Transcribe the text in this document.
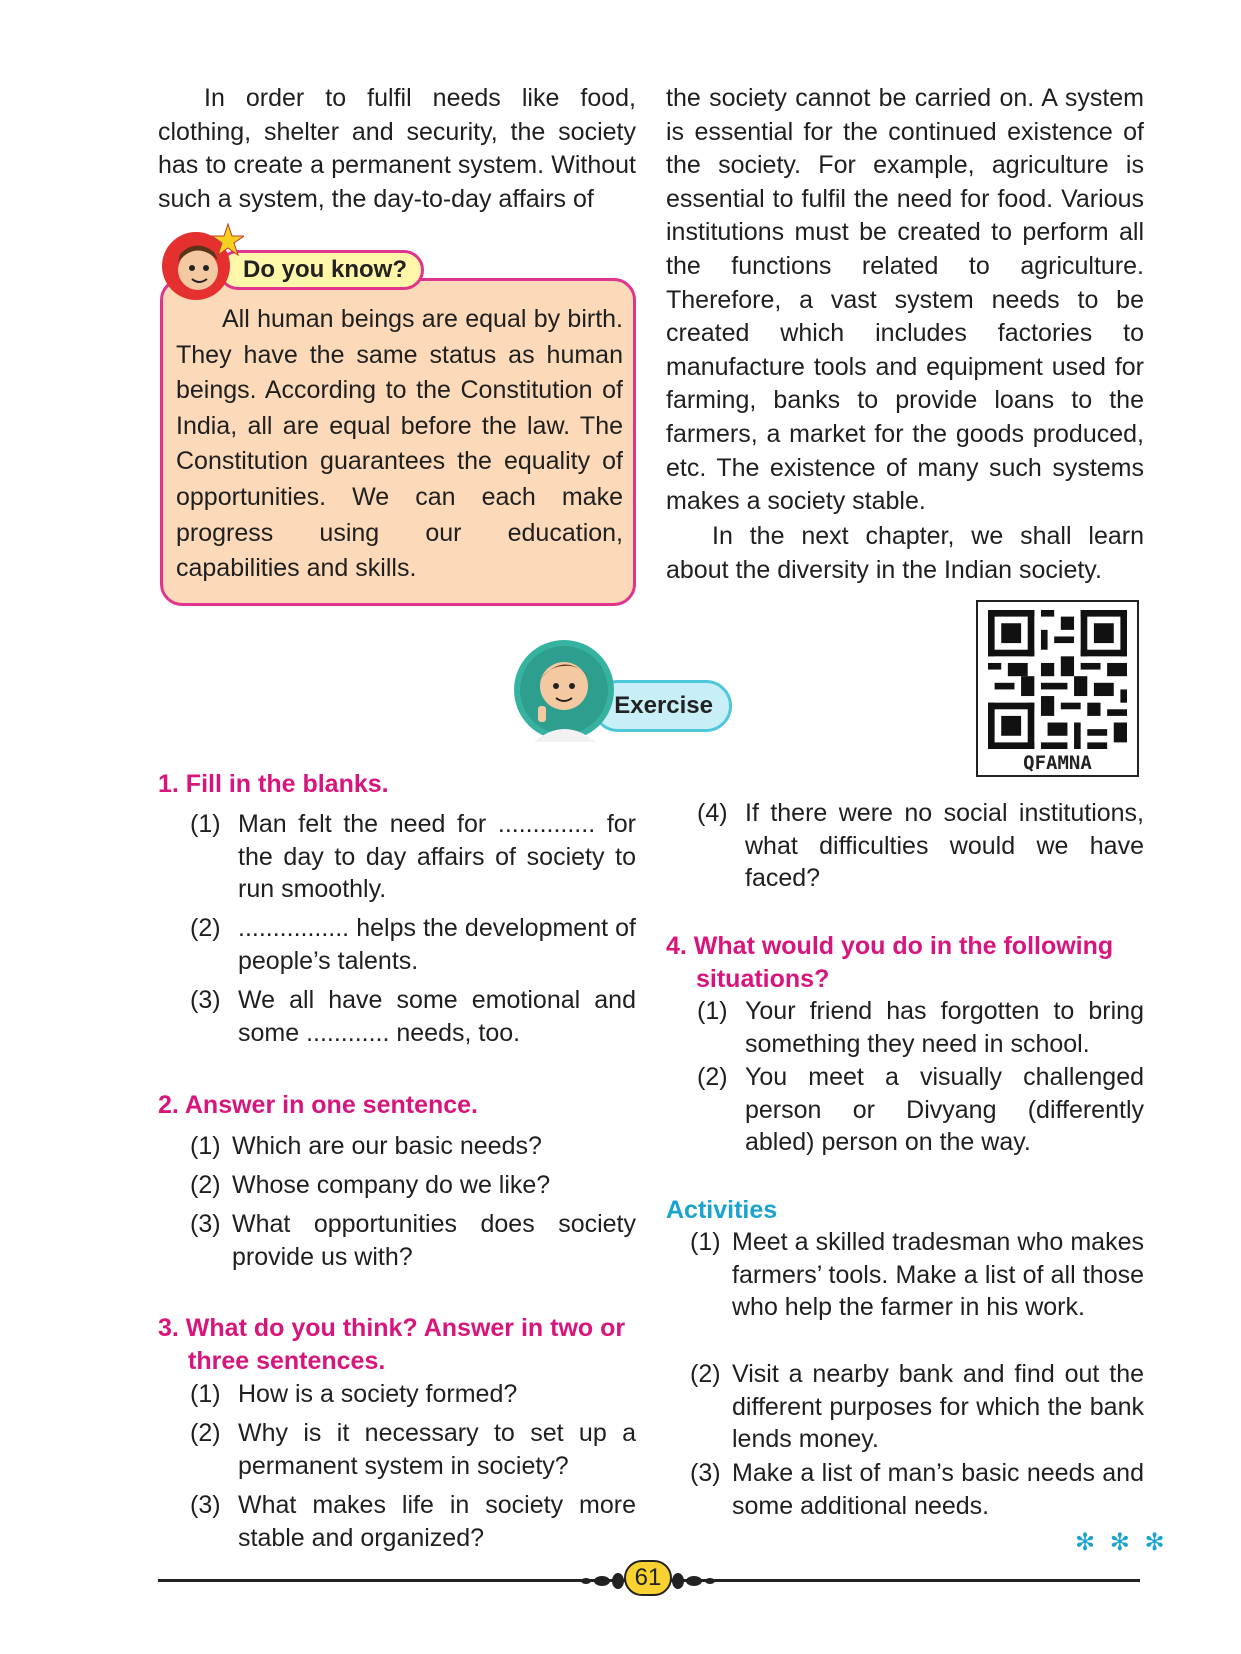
In order to fulfil needs like food, clothing, shelter and security, the society has to create a permanent system. Without such a system, the day-to-day affairs of

the society cannot be carried on. A system is essential for the continued existence of the society. For example, agriculture is essential to fulfil the need for food. Various institutions must be created to perform all the functions related to agriculture. Therefore, a vast system needs to be created which includes factories to manufacture tools and equipment used for farming, banks to provide loans to the farmers, a market for the goods produced, etc. The existence of many such systems makes a society stable.

In the next chapter, we shall learn about the diversity in the Indian society.

All human beings are equal by birth. They have the same status as human beings. According to the Constitution of India, all are equal before the law. The Constitution guarantees the equality of opportunities. We can each make progress using our education, capabilities and skills.

Do you know?
Exercise
QFAMNA
1. Fill in the blanks.
(1) Man felt the need for .............. for the day to day affairs of society to run smoothly.
(2) ................ helps the development of people’s talents.
(3) We all have some emotional and some ............ needs, too.
2. Answer in one sentence.
(1) Which are our basic needs?
(2) Whose company do we like?
(3) What opportunities does society provide us with?
3. What do you think? Answer in two or
three sentences.
(1) How is a society formed?
(2) Why is it necessary to set up a permanent system in society?
(3) What makes life in society more stable and organized?
(4) If there were no social institutions, what difficulties would we have faced?
4. What would you do in the following
situations?
(1) Your friend has forgotten to bring something they need in school.
(2) You meet a visually challenged person or Divyang (differently abled) person on the way.
Activities
(1) Meet a skilled tradesman who makes farmers’ tools. Make a list of all those who help the farmer in his work.
(2) Visit a nearby bank and find out the different purposes for which the bank lends money.
(3) Make a list of man’s basic needs and some additional needs.
✻ ✻ ✻
61
